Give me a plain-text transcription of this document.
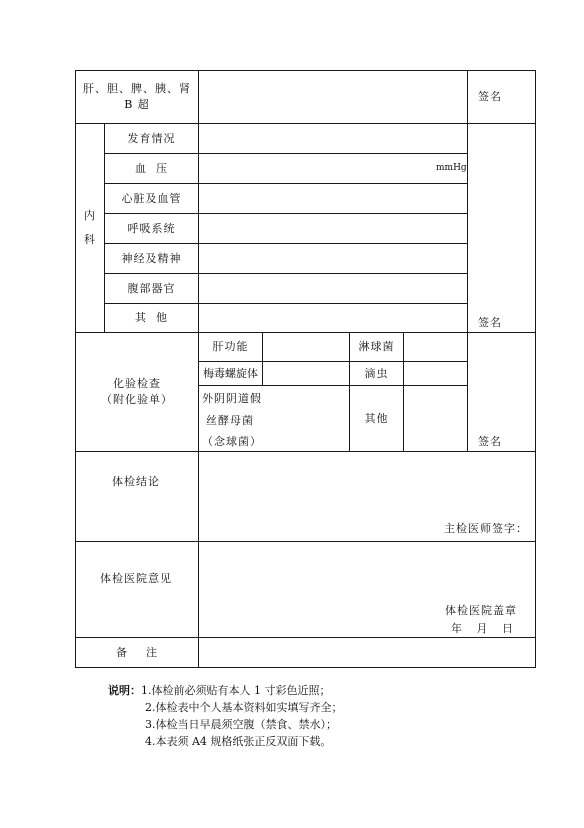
肝、胆、脾、胰、肾
B 超
签名
内
科
发育情况
血  压
心脏及血管
呼吸系统
神经及精神
腹部器官
其  他
mmHg
签名
化验检查
（附化验单）
肝功能	淋球菌
梅毒螺旋体	滴虫
外阴阴道假
丝酵母菌
（念球菌）
其他
签名
体检结论
主检医师签字：
体检医院意见
体检医院盖章
年   月   日
备    注
说明：1.体检前必须贴有本人 1 寸彩色近照；
2.体检表中个人基本资料如实填写齐全；
3.体检当日早晨须空腹（禁食、禁水）；
4.本表须 A4 规格纸张正反双面下载。
